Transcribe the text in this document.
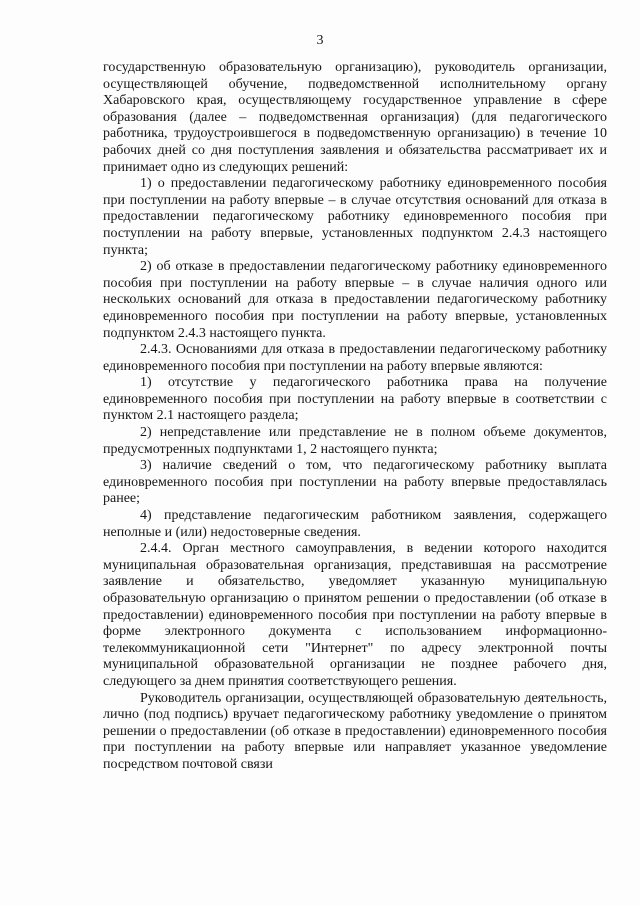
3

государственную образовательную организацию), руководитель организации, осуществляющей обучение, подведомственной исполнительному органу Хабаровского края, осуществляющему государственное управление в сфере образования (далее – подведомственная организация) (для педагогического работника, трудоустроившегося в подведомственную организацию) в течение 10 рабочих дней со дня поступления заявления и обязательства рассматривает их и принимает одно из следующих решений:

1) о предоставлении педагогическому работнику единовременного пособия при поступлении на работу впервые – в случае отсутствия оснований для отказа в предоставлении педагогическому работнику единовременного пособия при поступлении на работу впервые, установленных подпунктом 2.4.3 настоящего пункта;

2) об отказе в предоставлении педагогическому работнику единовременного пособия при поступлении на работу впервые – в случае наличия одного или нескольких оснований для отказа в предоставлении педагогическому работнику единовременного пособия при поступлении на работу впервые, установленных подпунктом 2.4.3 настоящего пункта.

2.4.3. Основаниями для отказа в предоставлении педагогическому работнику единовременного пособия при поступлении на работу впервые являются:

1) отсутствие у педагогического работника права на получение единовременного пособия при поступлении на работу впервые в соответствии с пунктом 2.1 настоящего раздела;

2) непредставление или представление не в полном объеме документов, предусмотренных подпунктами 1, 2 настоящего пункта;

3) наличие сведений о том, что педагогическому работнику выплата единовременного пособия при поступлении на работу впервые предоставлялась ранее;

4) представление педагогическим работником заявления, содержащего неполные и (или) недостоверные сведения.

2.4.4. Орган местного самоуправления, в ведении которого находится муниципальная образовательная организация, представившая на рассмотрение заявление и обязательство, уведомляет указанную муниципальную образовательную организацию о принятом решении о предоставлении (об отказе в предоставлении) единовременного пособия при поступлении на работу впервые в форме электронного документа с использованием информационно-телекоммуникационной сети "Интернет" по адресу электронной почты муниципальной образовательной организации не позднее рабочего дня, следующего за днем принятия соответствующего решения.

Руководитель организации, осуществляющей образовательную деятельность, лично (под подпись) вручает педагогическому работнику уведомление о принятом решении о предоставлении (об отказе в предоставлении) единовременного пособия при поступлении на работу впервые или направляет указанное уведомление посредством почтовой связи
